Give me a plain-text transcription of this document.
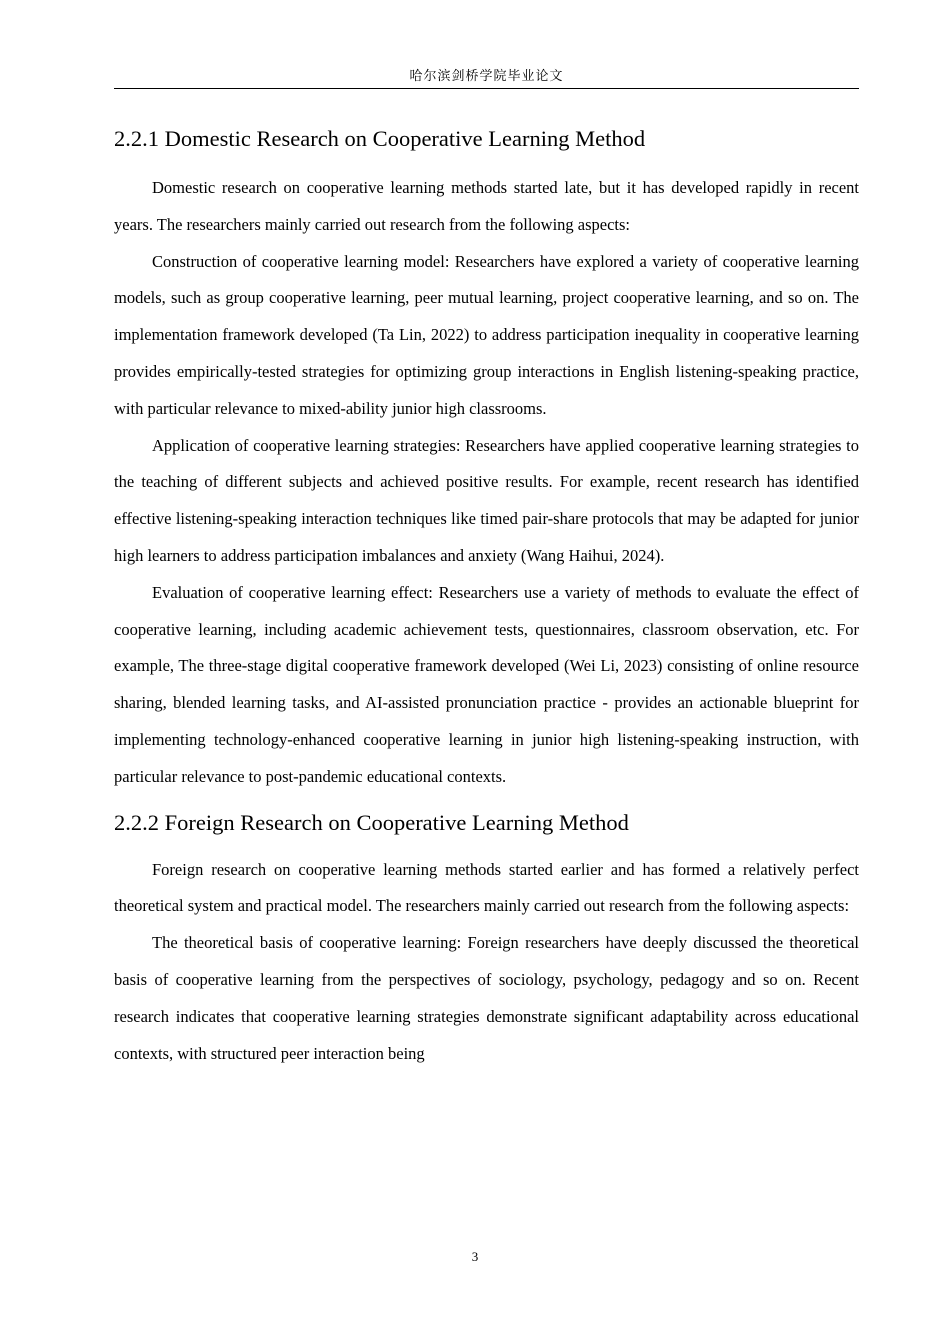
哈尔滨剑桥学院毕业论文
2.2.1 Domestic Research on Cooperative Learning Method

Domestic research on cooperative learning methods started late, but it has developed rapidly in recent years. The researchers mainly carried out research from the following aspects:

Construction of cooperative learning model: Researchers have explored a variety of cooperative learning models, such as group cooperative learning, peer mutual learning, project cooperative learning, and so on. The implementation framework developed (Ta Lin, 2022) to address participation inequality in cooperative learning provides empirically-tested strategies for optimizing group interactions in English listening-speaking practice, with particular relevance to mixed-ability junior high classrooms.

Application of cooperative learning strategies: Researchers have applied cooperative learning strategies to the teaching of different subjects and achieved positive results. For example, recent research has identified effective listening-speaking interaction techniques like timed pair-share protocols that may be adapted for junior high learners to address participation imbalances and anxiety (Wang Haihui, 2024).

Evaluation of cooperative learning effect: Researchers use a variety of methods to evaluate the effect of cooperative learning, including academic achievement tests, questionnaires, classroom observation, etc. For example, The three-stage digital cooperative framework developed (Wei Li, 2023) consisting of online resource sharing, blended learning tasks, and AI-assisted pronunciation practice - provides an actionable blueprint for implementing technology-enhanced cooperative learning in junior high listening-speaking instruction, with particular relevance to post-pandemic educational contexts.

2.2.2 Foreign Research on Cooperative Learning Method

Foreign research on cooperative learning methods started earlier and has formed a relatively perfect theoretical system and practical model. The researchers mainly carried out research from the following aspects:

The theoretical basis of cooperative learning: Foreign researchers have deeply discussed the theoretical basis of cooperative learning from the perspectives of sociology, psychology, pedagogy and so on. Recent research indicates that cooperative learning strategies demonstrate significant adaptability across educational contexts, with structured peer interaction being

3
